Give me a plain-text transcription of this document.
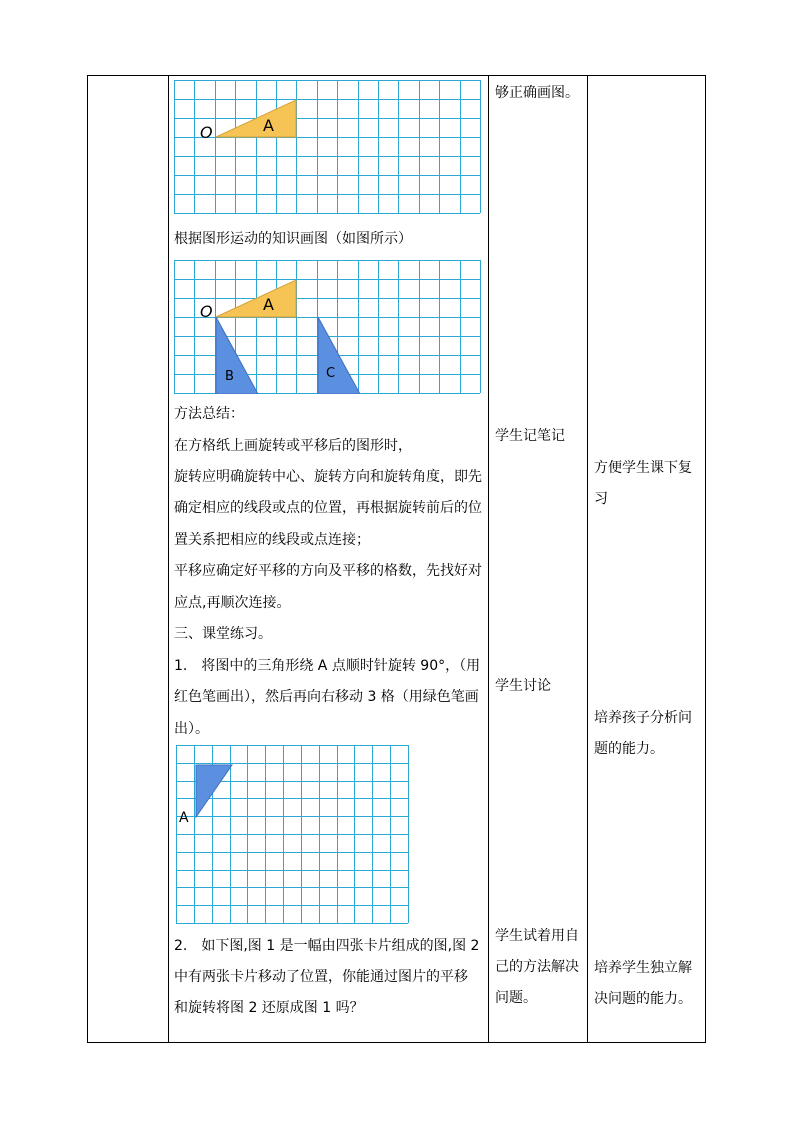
O	A
根据图形运动的知识画图（如图所示）
O	A
B	C
方法总结：
在方格纸上画旋转或平移后的图形时，
旋转应明确旋转中心、旋转方向和旋转角度，即先
确定相应的线段或点的位置，再根据旋转前后的位
置关系把相应的线段或点连接；
平移应确定好平移的方向及平移的格数，先找好对
应点,再顺次连接。
三、课堂练习。
1.　将图中的三角形绕 A 点顺时针旋转 90°，（用
红色笔画出），然后再向右移动 3 格（用绿色笔画
出）。
A
2.　如下图,图 1 是一幅由四张卡片组成的图,图 2
中有两张卡片移动了位置，你能通过图片的平移
和旋转将图 2 还原成图 1 吗？
够正确画图。
学生记笔记
学生讨论
学生试着用自
己的方法解决
问题。
方便学生课下复
习
培养孩子分析问
题的能力。
培养学生独立解
决问题的能力。
